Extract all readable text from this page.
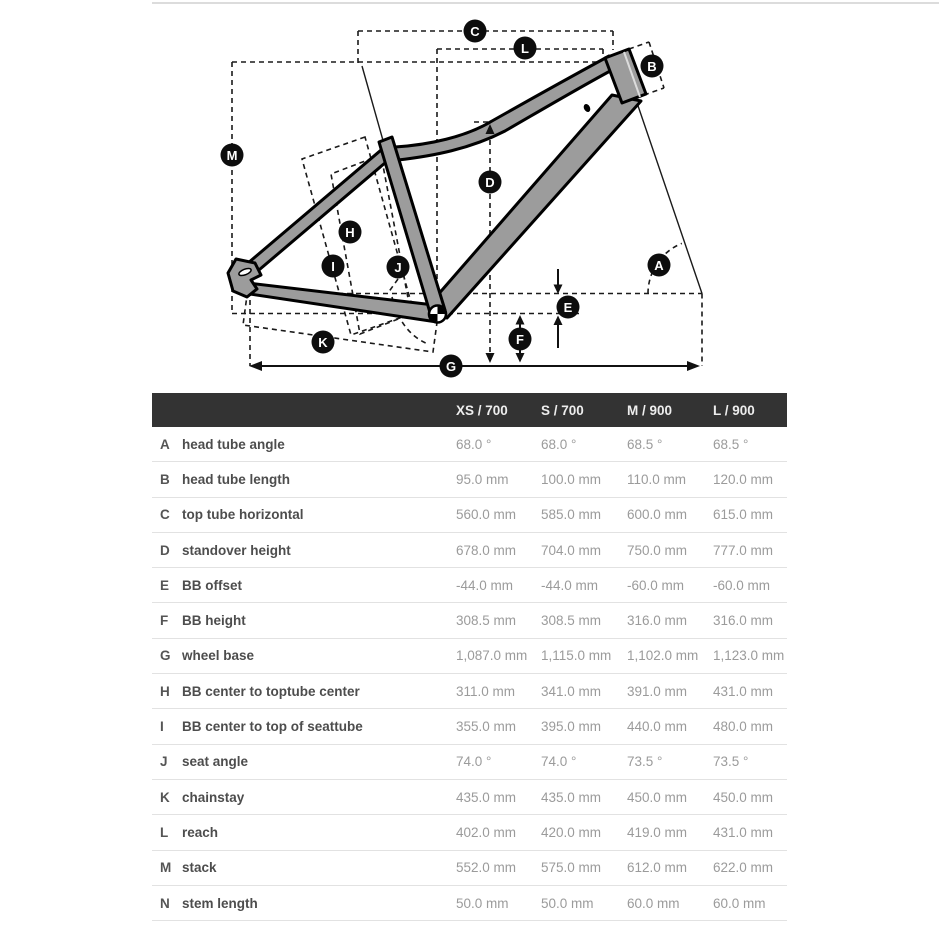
A
B
C
D
E
F
G
H
I	J
K
L
M
XS / 700	S / 700	M / 900	L / 900
A head tube angle	68.0 °	68.0 °	68.5 °	68.5 °
B head tube length	95.0 mm	100.0 mm	110.0 mm	120.0 mm
C top tube horizontal	560.0 mm	585.0 mm	600.0 mm	615.0 mm
D standover height	678.0 mm	704.0 mm	750.0 mm	777.0 mm
E BB offset	-44.0 mm	-44.0 mm	-60.0 mm	-60.0 mm
F	BB height	308.5 mm	308.5 mm	316.0 mm	316.0 mm
G wheel base	1,087.0 mm	1,115.0 mm	1,102.0 mm	1,123.0 mm
H BB center to toptube center	311.0 mm	341.0 mm	391.0 mm	431.0 mm
I	BB center to top of seattube	355.0 mm	395.0 mm	440.0 mm	480.0 mm
J	seat angle	74.0 °	74.0 °	73.5 °	73.5 °
K chainstay	435.0 mm	435.0 mm	450.0 mm	450.0 mm
L	reach	402.0 mm	420.0 mm	419.0 mm	431.0 mm
M stack	552.0 mm	575.0 mm	612.0 mm	622.0 mm
N stem length	50.0 mm	50.0 mm	60.0 mm	60.0 mm
